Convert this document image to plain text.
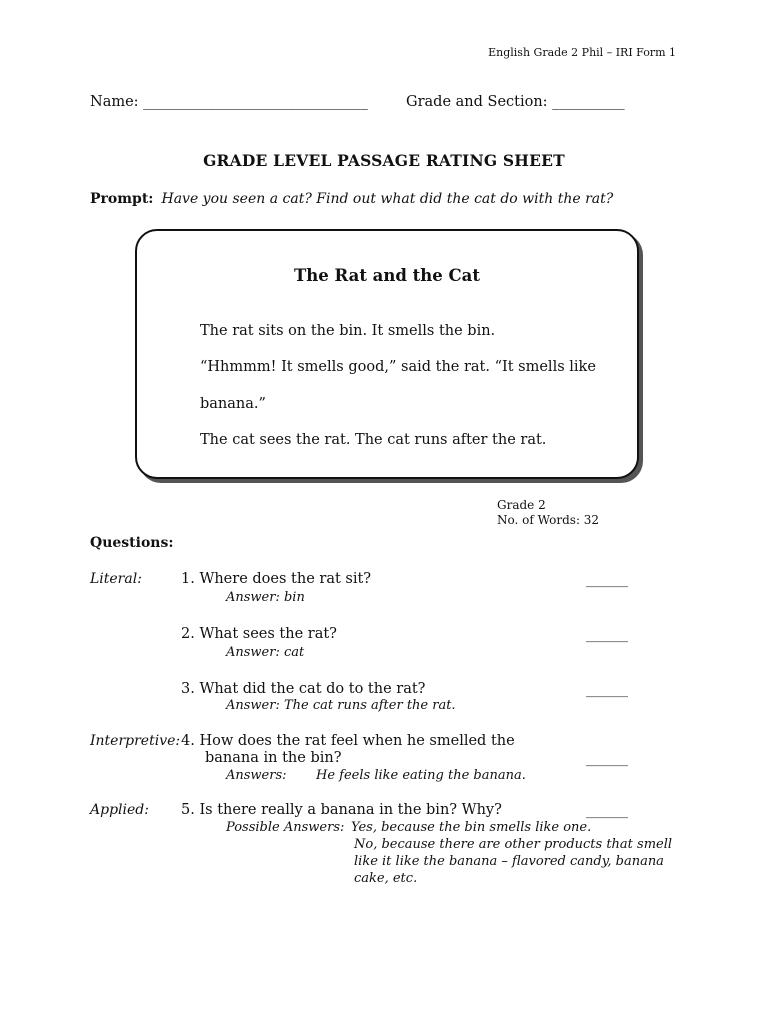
English Grade 2 Phil – IRI Form 1
Name: _______________________________	Grade and Section: __________
GRADE LEVEL PASSAGE RATING SHEET
Prompt: Have you seen a cat? Find out what did the cat do with the rat?
The Rat and the Cat
The rat sits on the bin. It smells the bin.
“Hhmmm! It smells good,” said the rat. “It smells like
banana.”
The cat sees the rat. The cat runs after the rat.
Grade 2
No. of Words: 32
Questions:
Literal:	1. Where does the rat sit?	______
Answer: bin
2. What sees the rat?	______
Answer: cat
3. What did the cat do to the rat?	______
Answer: The cat runs after the rat.
Interpretive: 4. How does the rat feel when he smelled the
banana in the bin?	______
Answers: He feels like eating the banana.
Applied: 5. Is there really a banana in the bin? Why?	______
Possible Answers: Yes, because the bin smells like one.
No, because there are other products that smell
like it like the banana – flavored candy, banana
cake, etc.
